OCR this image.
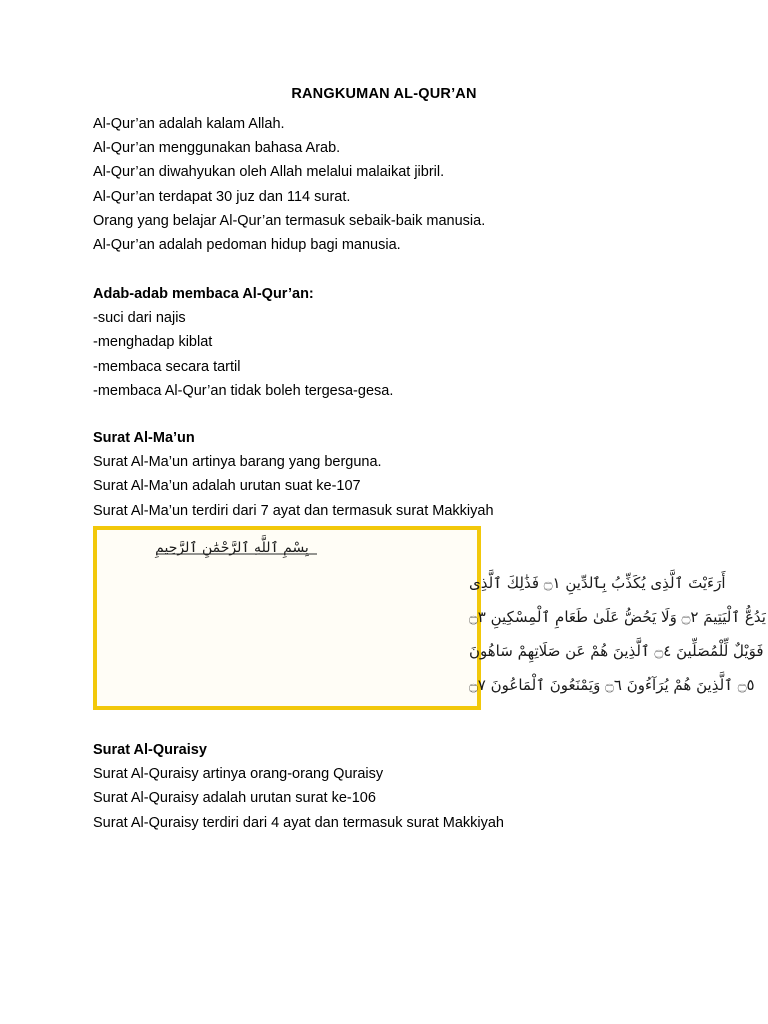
RANGKUMAN AL-QUR’AN
Al-Qur’an adalah kalam Allah.
Al-Qur’an menggunakan bahasa Arab.
Al-Qur’an diwahyukan oleh Allah melalui malaikat jibril.
Al-Qur’an terdapat 30 juz dan 114 surat.
Orang yang belajar Al-Qur’an termasuk sebaik-baik manusia.
Al-Qur’an adalah pedoman hidup bagi manusia.
Adab-adab membaca Al-Qur’an:
-suci dari najis
-menghadap kiblat
-membaca secara tartil
-membaca Al-Qur’an tidak boleh tergesa-gesa.
Surat Al-Ma’un
Surat Al-Ma’un artinya barang yang berguna.
Surat Al-Ma’un adalah urutan suat ke-107
Surat Al-Ma’un terdiri dari 7 ayat dan termasuk surat Makkiyah
بِسْمِ ٱللَّهِ ٱلرَّحْمَٰنِ ٱلرَّحِيمِ
أَرَءَيْتَ ٱلَّذِى يُكَذِّبُ بِٱلدِّينِ ۝١ فَذَٰلِكَ ٱلَّذِى
يَدُعُّ ٱلْيَتِيمَ ۝٢ وَلَا يَحُضُّ عَلَىٰ طَعَامِ ٱلْمِسْكِينِ ۝٣
فَوَيْلٌ لِّلْمُصَلِّينَ ۝٤ ٱلَّذِينَ هُمْ عَن صَلَاتِهِمْ سَاهُونَ
۝٥ ٱلَّذِينَ هُمْ يُرَآءُونَ ۝٦ وَيَمْنَعُونَ ٱلْمَاعُونَ ۝٧
Surat Al-Quraisy
Surat Al-Quraisy artinya orang-orang Quraisy
Surat Al-Quraisy adalah urutan surat ke-106
Surat Al-Quraisy terdiri dari 4 ayat dan termasuk surat Makkiyah
